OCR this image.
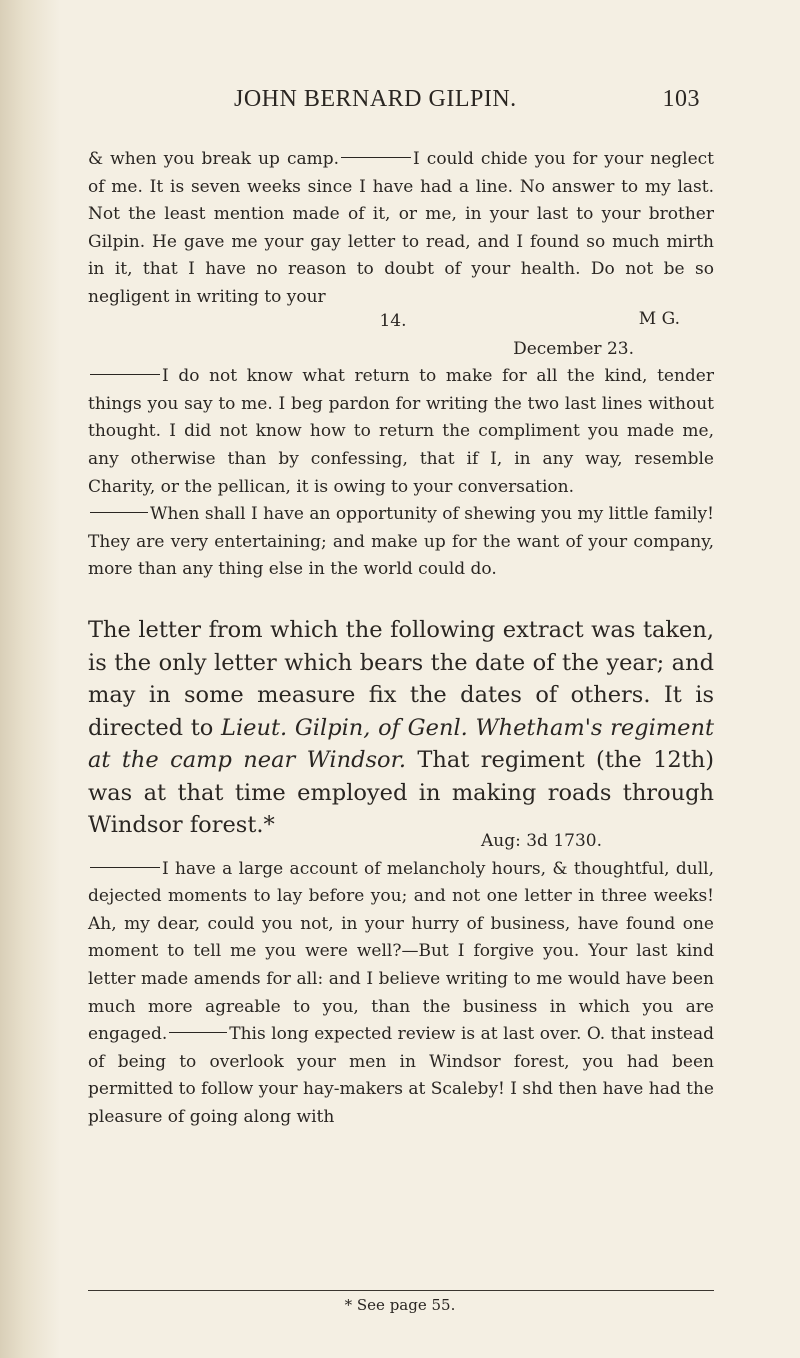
JOHN BERNARD GILPIN.	103

& when you break up camp.	I could chide you for your neglect of me. It is seven weeks since I have had a line. No answer to my last. Not the least mention made of it, or me, in your last to your brother Gilpin. He gave me your gay letter to read, and I found so much mirth in it, that I have no reason to doubt of your health. Do not be so negligent in writing to your

M G.
14.
December 23.

I do not know what return to make for all the kind, tender things you say to me. I beg pardon for writing the two last lines without thought. I did not know how to return the compliment you made me, any otherwise than by confessing, that if I, in any way, resemble Charity, or the pellican, it is owing to your conversation.

When shall I have an opportunity of shewing you my little family! They are very entertaining; and make up for the want of your company, more than any thing else in the world could do.

The letter from which the following extract was taken, is the only letter which bears the date of the year; and may in some measure fix the dates of others. It is directed to Lieut. Gilpin, of Genl. Whetham's regiment at the camp near Windsor. That regiment (the 12th) was at that time employed in making roads through Windsor forest.*

Aug: 3d 1730.

I have a large account of melancholy hours, & thoughtful, dull, dejected moments to lay before you; and not one letter in three weeks! Ah, my dear, could you not, in your hurry of business, have found one moment to tell me you were well?—But I forgive you. Your last kind letter made amends for all: and I believe writing to me would have been much more agreable to you, than the business in which you are engaged.	This long expected review is at last over. O. that instead of being to overlook your men in Windsor forest, you had been permitted to follow your hay-makers at Scaleby! I shd then have had the pleasure of going along with

* See page 55.
